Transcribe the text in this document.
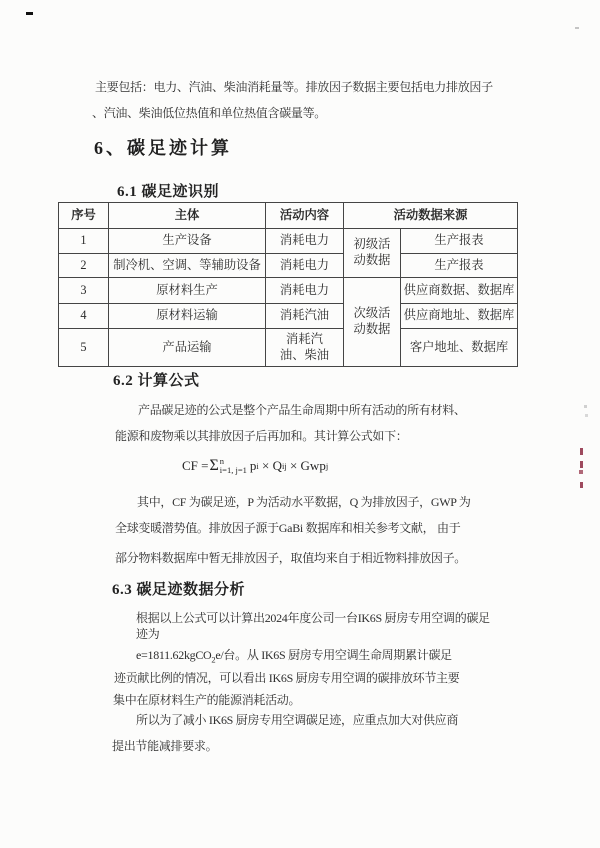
主要包括：电力、汽油、柴油消耗量等。排放因子数据主要包括电力排放因子
、汽油、柴油低位热值和单位热值含碳量等。
6、碳足迹计算
6.1 碳足迹识别
序号	主体	活动内容	活动数据来源	
1	生产设备	消耗电力	初级活动数据	生产报表
2	制冷机、空调、等辅助设备	消耗电力		生产报表
3	原材料生产	消耗电力	次级活动数据	供应商数据、数据库
4	原材料运输	消耗汽油		供应商地址、数据库
5	产品运输	消耗汽油、柴油		客户地址、数据库
6.2 计算公式
产品碳足迹的公式是整个产品生命周期中所有活动的所有材料、
能源和废物乘以其排放因子后再加和。其计算公式如下：
CF = Σ n
i=1, j=1 p i × Q ij × Gwp j
其中，CF 为碳足迹，P 为活动水平数据，Q 为排放因子，GWP 为
全球变暖潜势值。排放因子源于GaBi 数据库和相关参考文献， 由于
部分物料数据库中暂无排放因子，取值均来自于相近物料排放因子。
6.3 碳足迹数据分析
根据以上公式可以计算出2024年度公司一台IK6S 厨房专用空调的碳足
迹为
e=1811.62kgCO$_2$e/台。从 IK6S 厨房专用空调生命周期累计碳足
迹贡献比例的情况，可以看出 IK6S 厨房专用空调的碳排放环节主要
集中在原材料生产的能源消耗活动。
所以为了减小 IK6S 厨房专用空调碳足迹，应重点加大对供应商
提出节能减排要求。
